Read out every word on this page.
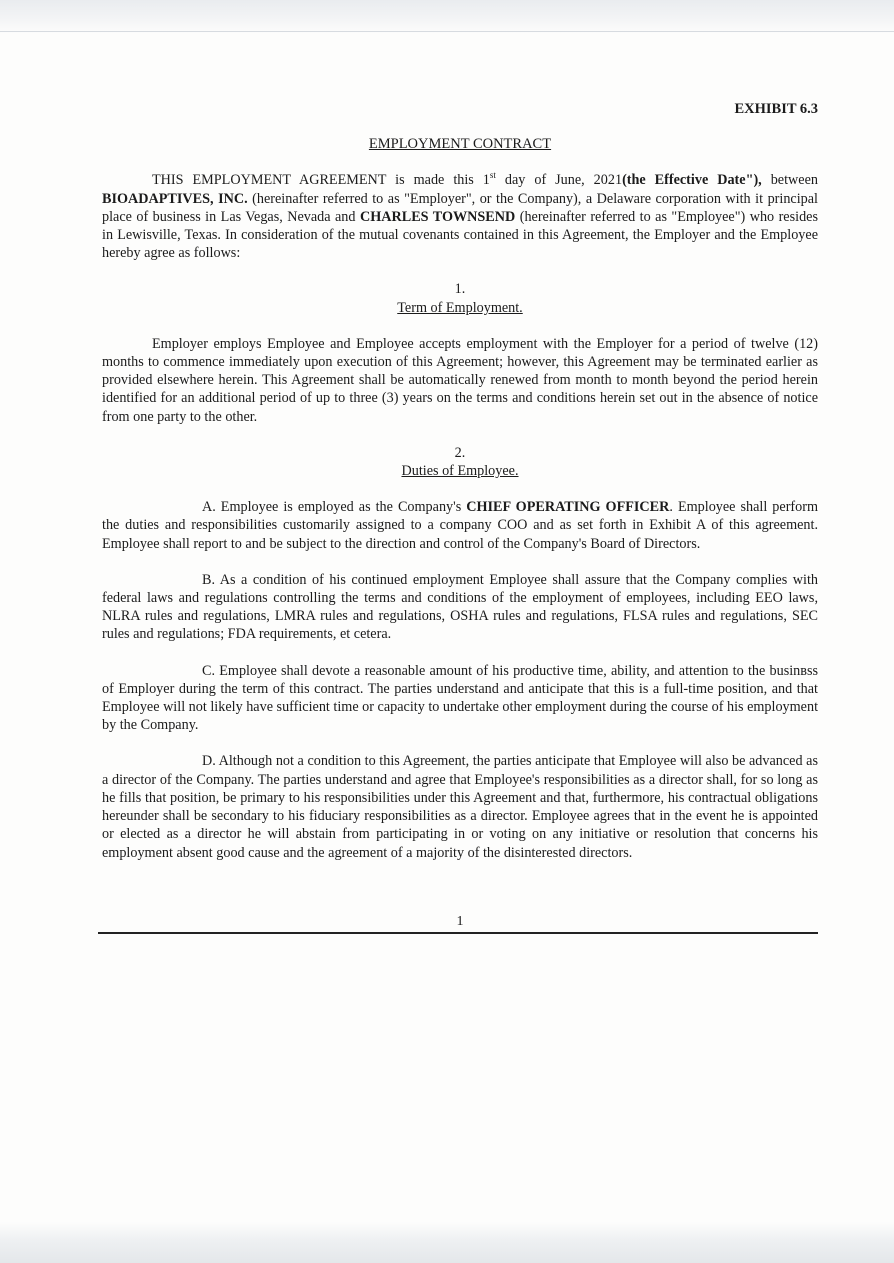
EXHIBIT 6.3

EMPLOYMENT CONTRACT

THIS EMPLOYMENT AGREEMENT is made this 1st day of June, 2021(the Effective Date"), between BIOADAPTIVES, INC. (hereinafter referred to as "Employer", or the Company), a Delaware corporation with it principal place of business in Las Vegas, Nevada and CHARLES TOWNSEND (hereinafter referred to as "Employee") who resides in Lewisville, Texas. In consideration of the mutual covenants contained in this Agreement, the Employer and the Employee hereby agree as follows:

1.

Term of Employment.

Employer employs Employee and Employee accepts employment with the Employer for a period of twelve (12) months to commence immediately upon execution of this Agreement; however, this Agreement may be terminated earlier as provided elsewhere herein. This Agreement shall be automatically renewed from month to month beyond the period herein identified for an additional period of up to three (3) years on the terms and conditions herein set out in the absence of notice from one party to the other.

2.

Duties of Employee.

A. Employee is employed as the Company's CHIEF OPERATING OFFICER. Employee shall perform the duties and responsibilities customarily assigned to a company COO and as set forth in Exhibit A of this agreement. Employee shall report to and be subject to the direction and control of the Company's Board of Directors.

B. As a condition of his continued employment Employee shall assure that the Company complies with federal laws and regulations controlling the terms and conditions of the employment of employees, including EEO laws, NLRA rules and regulations, LMRA rules and regulations, OSHA rules and regulations, FLSA rules and regulations, SEC rules and regulations; FDA requirements, et cetera.

C. Employee shall devote a reasonable amount of his productive time, ability, and attention to the businʙss of Employer during the term of this contract. The parties understand and anticipate that this is a full-time position, and that Employee will not likely have sufficient time or capacity to undertake other employment during the course of his employment by the Company.

D. Although not a condition to this Agreement, the parties anticipate that Employee will also be advanced as a director of the Company. The parties understand and agree that Employee's responsibilities as a director shall, for so long as he fills that position, be primary to his responsibilities under this Agreement and that, furthermore, his contractual obligations hereunder shall be secondary to his fiduciary responsibilities as a director. Employee agrees that in the event he is appointed or elected as a director he will abstain from participating in or voting on any initiative or resolution that concerns his employment absent good cause and the agreement of a majority of the disinterested directors.

1
